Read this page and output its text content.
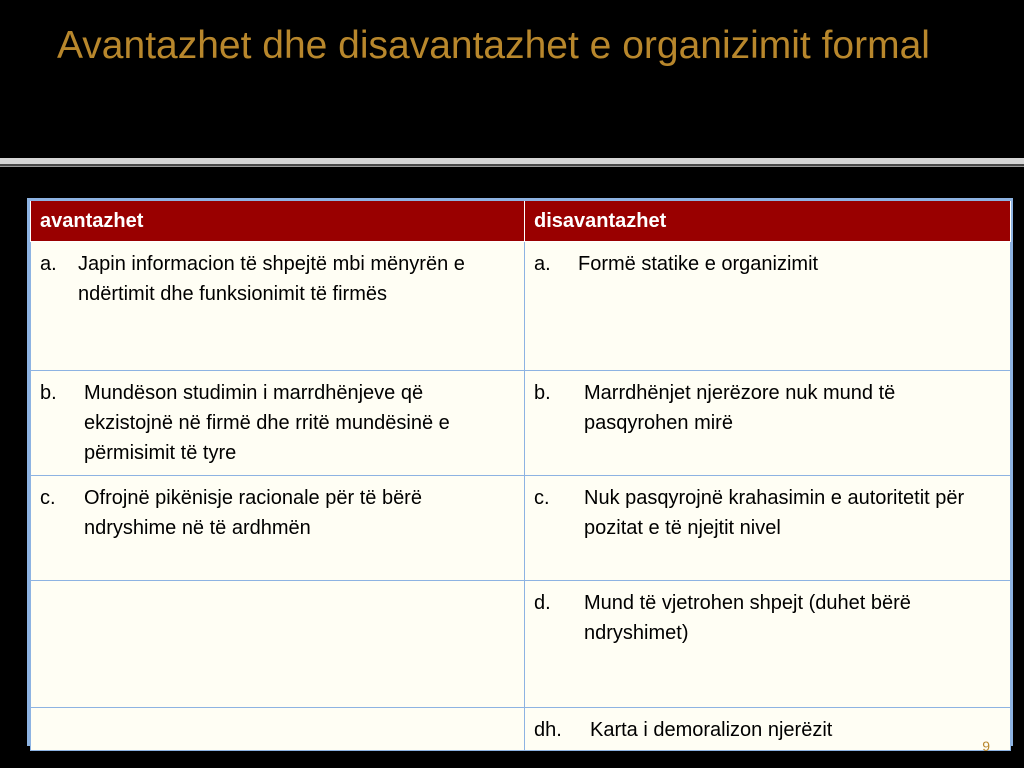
Avantazhet dhe disavantazhet e organizimit formal
avantazhet	disavantazhet

a. Japin informacion të shpejtë mbi mënyrën e ndërtimit dhe funksionimit të firmës	a. Formë statike e organizimit

b. Mundëson studimin i marrdhënjeve që ekzistojnë në firmë dhe rritë mundësinë e përmisimit të tyre	b. Marrdhënjet njerëzore nuk mund të pasqyrohen mirë

c. Ofrojnë pikënisje racionale për të bërë ndryshime në të ardhmën	c. Nuk pasqyrojnë krahasimin e autoritetit për pozitat e të njejtit nivel

	d. Mund të vjetrohen shpejt (duhet bërë ndryshimet)

	dh. Karta i demoralizon njerëzit
9
